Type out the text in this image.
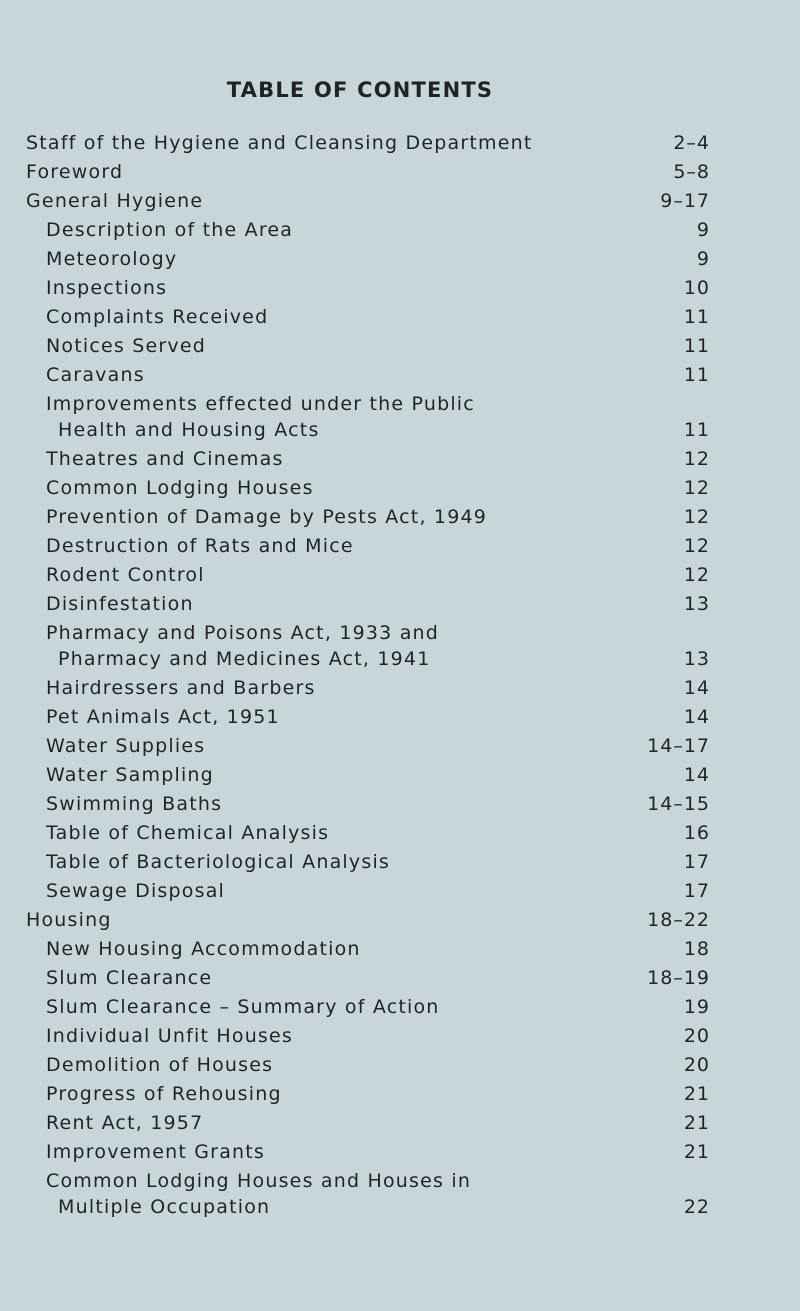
TABLE OF CONTENTS
Staff of the Hygiene and Cleansing Department	2–4
Foreword	5–8
General Hygiene	9–17
Description of the Area	9
Meteorology	9
Inspections	10
Complaints Received	11
Notices Served	11
Caravans	11
Improvements effected under the Public
Health and Housing Acts	11
Theatres and Cinemas	12
Common Lodging Houses	12
Prevention of Damage by Pests Act, 1949	12
Destruction of Rats and Mice	12
Rodent Control	12
Disinfestation	13
Pharmacy and Poisons Act, 1933 and
Pharmacy and Medicines Act, 1941	13
Hairdressers and Barbers	14
Pet Animals Act, 1951	14
Water Supplies	14–17
Water Sampling	14
Swimming Baths	14–15
Table of Chemical Analysis	16
Table of Bacteriological Analysis	17
Sewage Disposal	17
Housing	18–22
New Housing Accommodation	18
Slum Clearance	18–19
Slum Clearance – Summary of Action	19
Individual Unfit Houses	20
Demolition of Houses	20
Progress of Rehousing	21
Rent Act, 1957	21
Improvement Grants	21
Common Lodging Houses and Houses in
Multiple Occupation	22
